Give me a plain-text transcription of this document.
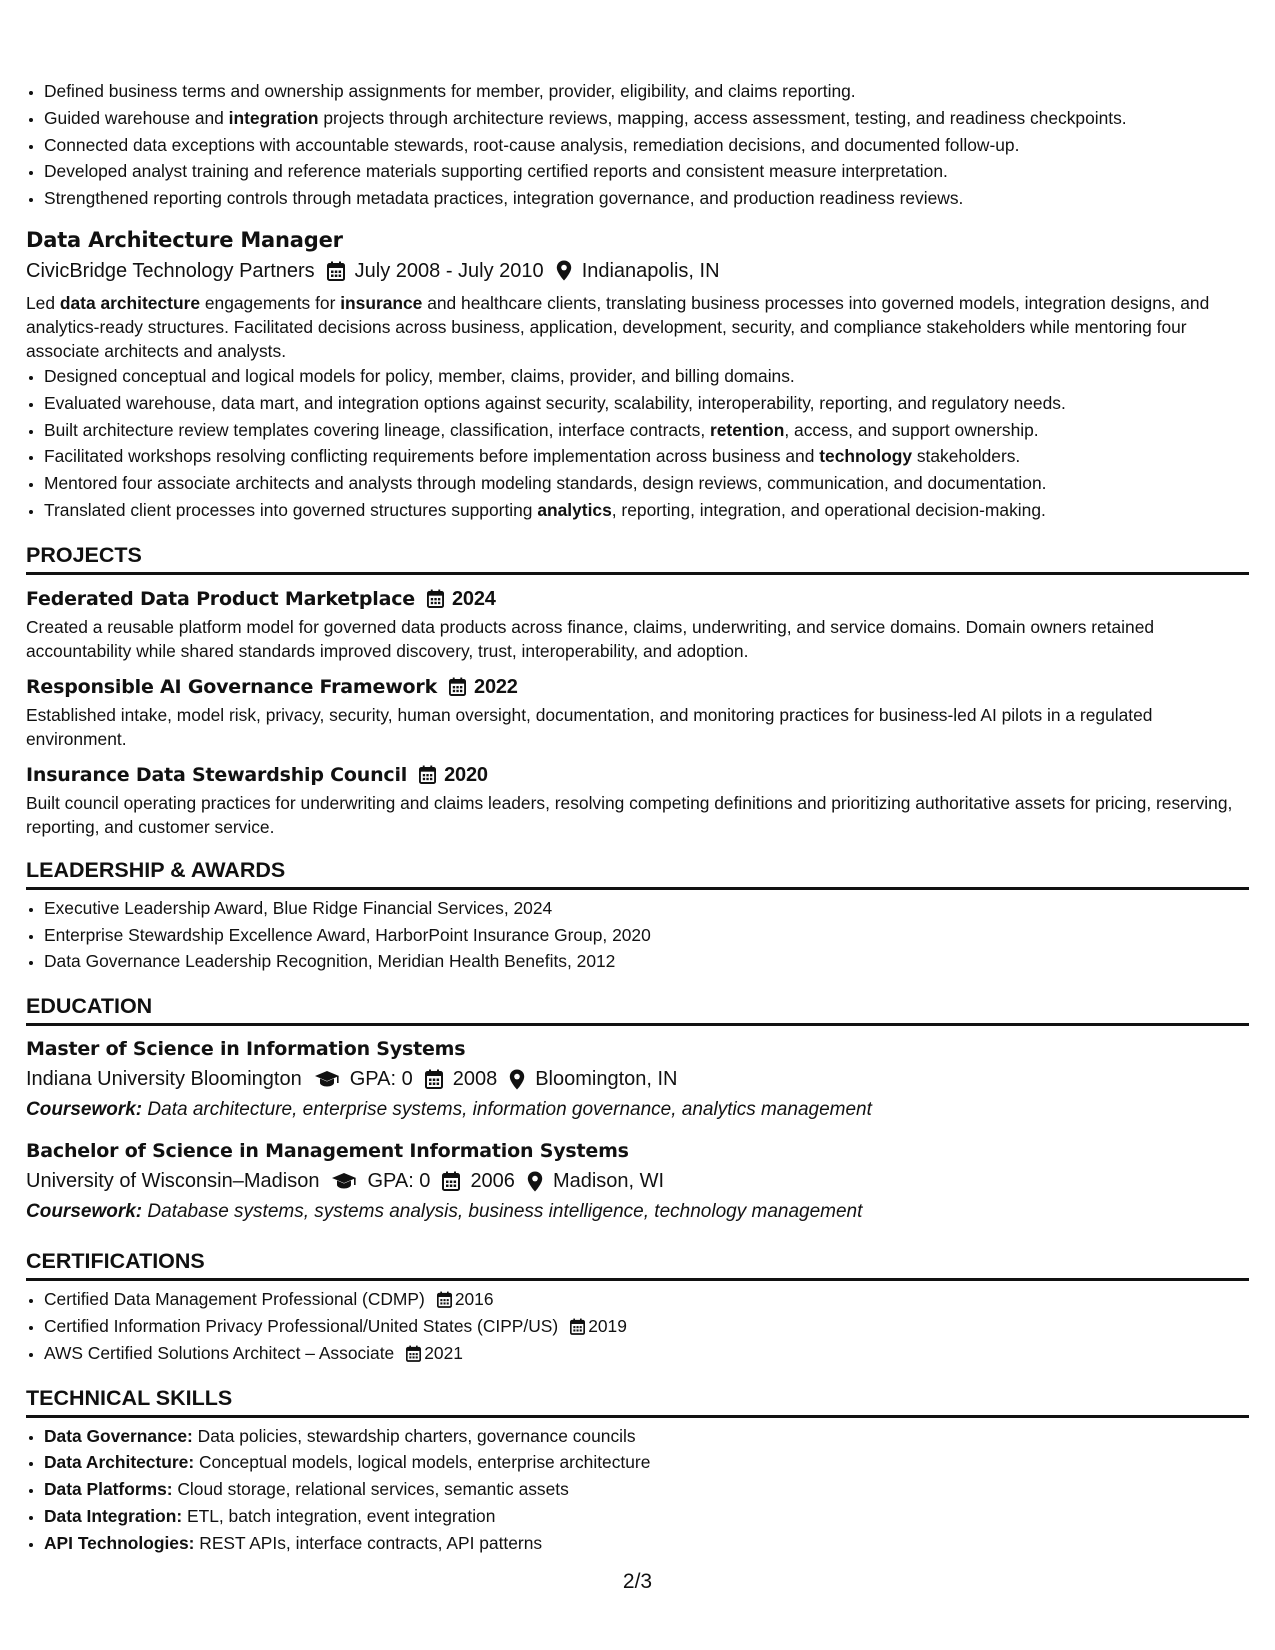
• Defined business terms and ownership assignments for member, provider, eligibility, and claims reporting.
• Guided warehouse and integration projects through architecture reviews, mapping, access assessment, testing, and readiness checkpoints.
• Connected data exceptions with accountable stewards, root-cause analysis, remediation decisions, and documented follow-up.
• Developed analyst training and reference materials supporting certified reports and consistent measure interpretation.
• Strengthened reporting controls through metadata practices, integration governance, and production readiness reviews.
Data Architecture Manager
CivicBridge Technology Partners July 2008 - July 2010 Indianapolis, IN
Led data architecture engagements for insurance and healthcare clients, translating business processes into governed models, integration designs, and analytics-ready structures. Facilitated decisions across business, application, development, security, and compliance stakeholders while mentoring four associate architects and analysts.
• Designed conceptual and logical models for policy, member, claims, provider, and billing domains.
• Evaluated warehouse, data mart, and integration options against security, scalability, interoperability, reporting, and regulatory needs.
• Built architecture review templates covering lineage, classification, interface contracts, retention, access, and support ownership.
• Facilitated workshops resolving conflicting requirements before implementation across business and technology stakeholders.
• Mentored four associate architects and analysts through modeling standards, design reviews, communication, and documentation.
• Translated client processes into governed structures supporting analytics, reporting, integration, and operational decision-making.
PROJECTS
Federated Data Product Marketplace 2024
Created a reusable platform model for governed data products across finance, claims, underwriting, and service domains. Domain owners retained accountability while shared standards improved discovery, trust, interoperability, and adoption.
Responsible AI Governance Framework 2022
Established intake, model risk, privacy, security, human oversight, documentation, and monitoring practices for business-led AI pilots in a regulated environment.
Insurance Data Stewardship Council 2020
Built council operating practices for underwriting and claims leaders, resolving competing definitions and prioritizing authoritative assets for pricing, reserving, reporting, and customer service.
LEADERSHIP & AWARDS
• Executive Leadership Award, Blue Ridge Financial Services, 2024
• Enterprise Stewardship Excellence Award, HarborPoint Insurance Group, 2020
• Data Governance Leadership Recognition, Meridian Health Benefits, 2012
EDUCATION
Master of Science in Information Systems
Indiana University Bloomington GPA: 0 2008 Bloomington, IN
Coursework: Data architecture, enterprise systems, information governance, analytics management
Bachelor of Science in Management Information Systems
University of Wisconsin–Madison GPA: 0 2006 Madison, WI
Coursework: Database systems, systems analysis, business intelligence, technology management
CERTIFICATIONS
• Certified Data Management Professional (CDMP) 2016
• Certified Information Privacy Professional/United States (CIPP/US) 2019
• AWS Certified Solutions Architect – Associate 2021
TECHNICAL SKILLS
• Data Governance: Data policies, stewardship charters, governance councils
• Data Architecture: Conceptual models, logical models, enterprise architecture
• Data Platforms: Cloud storage, relational services, semantic assets
• Data Integration: ETL, batch integration, event integration
• API Technologies: REST APIs, interface contracts, API patterns
2/3
